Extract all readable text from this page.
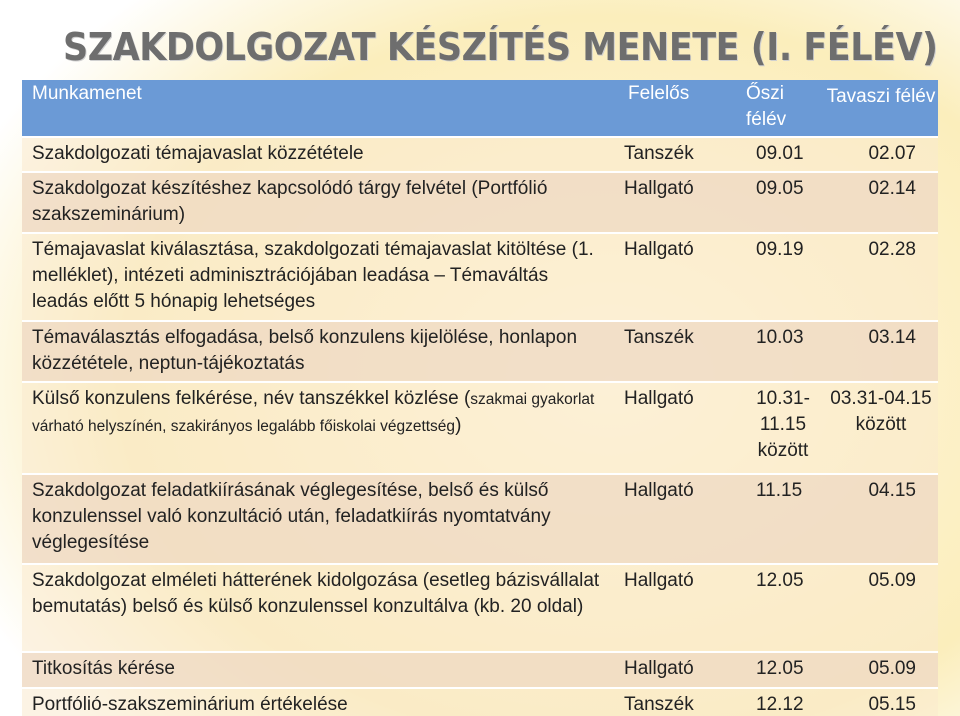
SZAKDOLGOZAT KÉSZÍTÉS MENETE (I. FÉLÉV)
Munkamenet	Felelős	Őszi félév	Tavaszi félév
Szakdolgozati témajavaslat közzététele	Tanszék	09.01	02.07
Szakdolgozat készítéshez kapcsolódó tárgy felvétel (Portfólió szakszeminárium)	Hallgató	09.05	02.14
Témajavaslat kiválasztása, szakdolgozati témajavaslat kitöltése (1. melléklet), intézeti adminisztrációjában leadása – Témaváltás leadás előtt 5 hónapig lehetséges	Hallgató	09.19	02.28
Témaválasztás elfogadása, belső konzulens kijelölése, honlapon közzététele, neptun-tájékoztatás	Tanszék	10.03	03.14
Külső konzulens felkérése, név tanszékkel közlése (szakmai gyakorlat várható helyszínén, szakirányos legalább főiskolai végzettség)	Hallgató	10.31-11.15 között	03.31-04.15 között
Szakdolgozat feladatkiírásának véglegesítése, belső és külső konzulenssel való konzultáció után, feladatkiírás nyomtatvány véglegesítése	Hallgató	11.15	04.15
Szakdolgozat elméleti hátterének kidolgozása (esetleg bázisvállalat bemutatás) belső és külső konzulenssel konzultálva (kb. 20 oldal)	Hallgató	12.05	05.09
Titkosítás kérése	Hallgató	12.05	05.09
Portfólió-szakszeminárium értékelése	Tanszék	12.12	05.15
